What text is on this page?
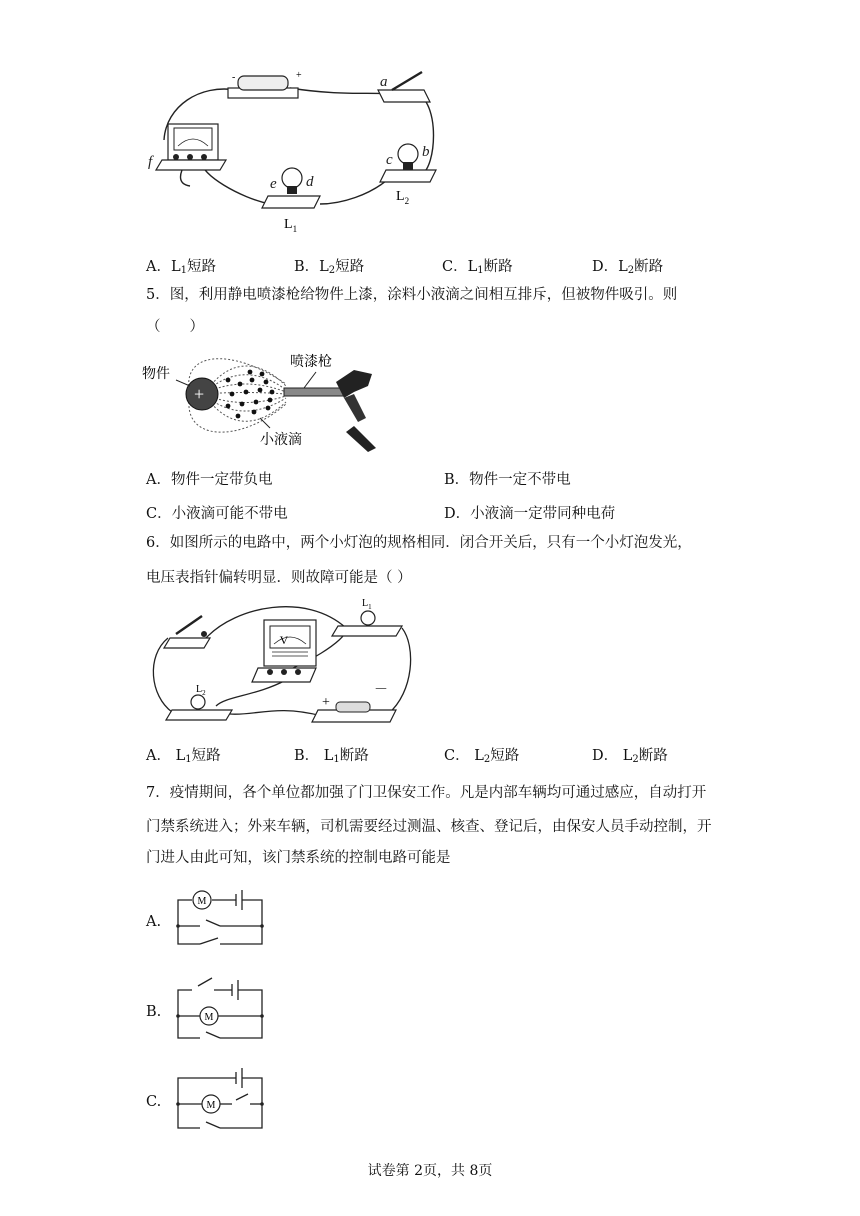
-	+	a
b
c
d
e
f
$L_1$
$L_2$
A．$L_1$短路	B．$L_2$短路	C．$L_1$断路	D．$L_2$断路
5．图，利用静电喷漆枪给物件上漆，涂料小液滴之间相互排斥，但被物件吸引。则
（　　）
+
物件
喷漆枪
小液滴
A．物件一定带负电	B．物件一定不带电
C．小液滴可能不带电	D．小液滴一定带同种电荷
6．如图所示的电路中，两个小灯泡的规格相同．闭合开关后，只有一个小灯泡发光，
电压表指针偏转明显．则故障可能是（ ）
V
+
－
$L_1$
$L_2$
A． $L_1$短路	B． $L_1$断路	C． $L_2$短路	D． $L_2$断路
7．疫情期间，各个单位都加强了门卫保安工作。凡是内部车辆均可通过感应，自动打开
门禁系统进入；外来车辆，司机需要经过测温、核查、登记后，由保安人员手动控制，开
门进人由此可知，该门禁系统的控制电路可能是
A.
M
B.	M
C.	M
试卷第 2页，共 8页
